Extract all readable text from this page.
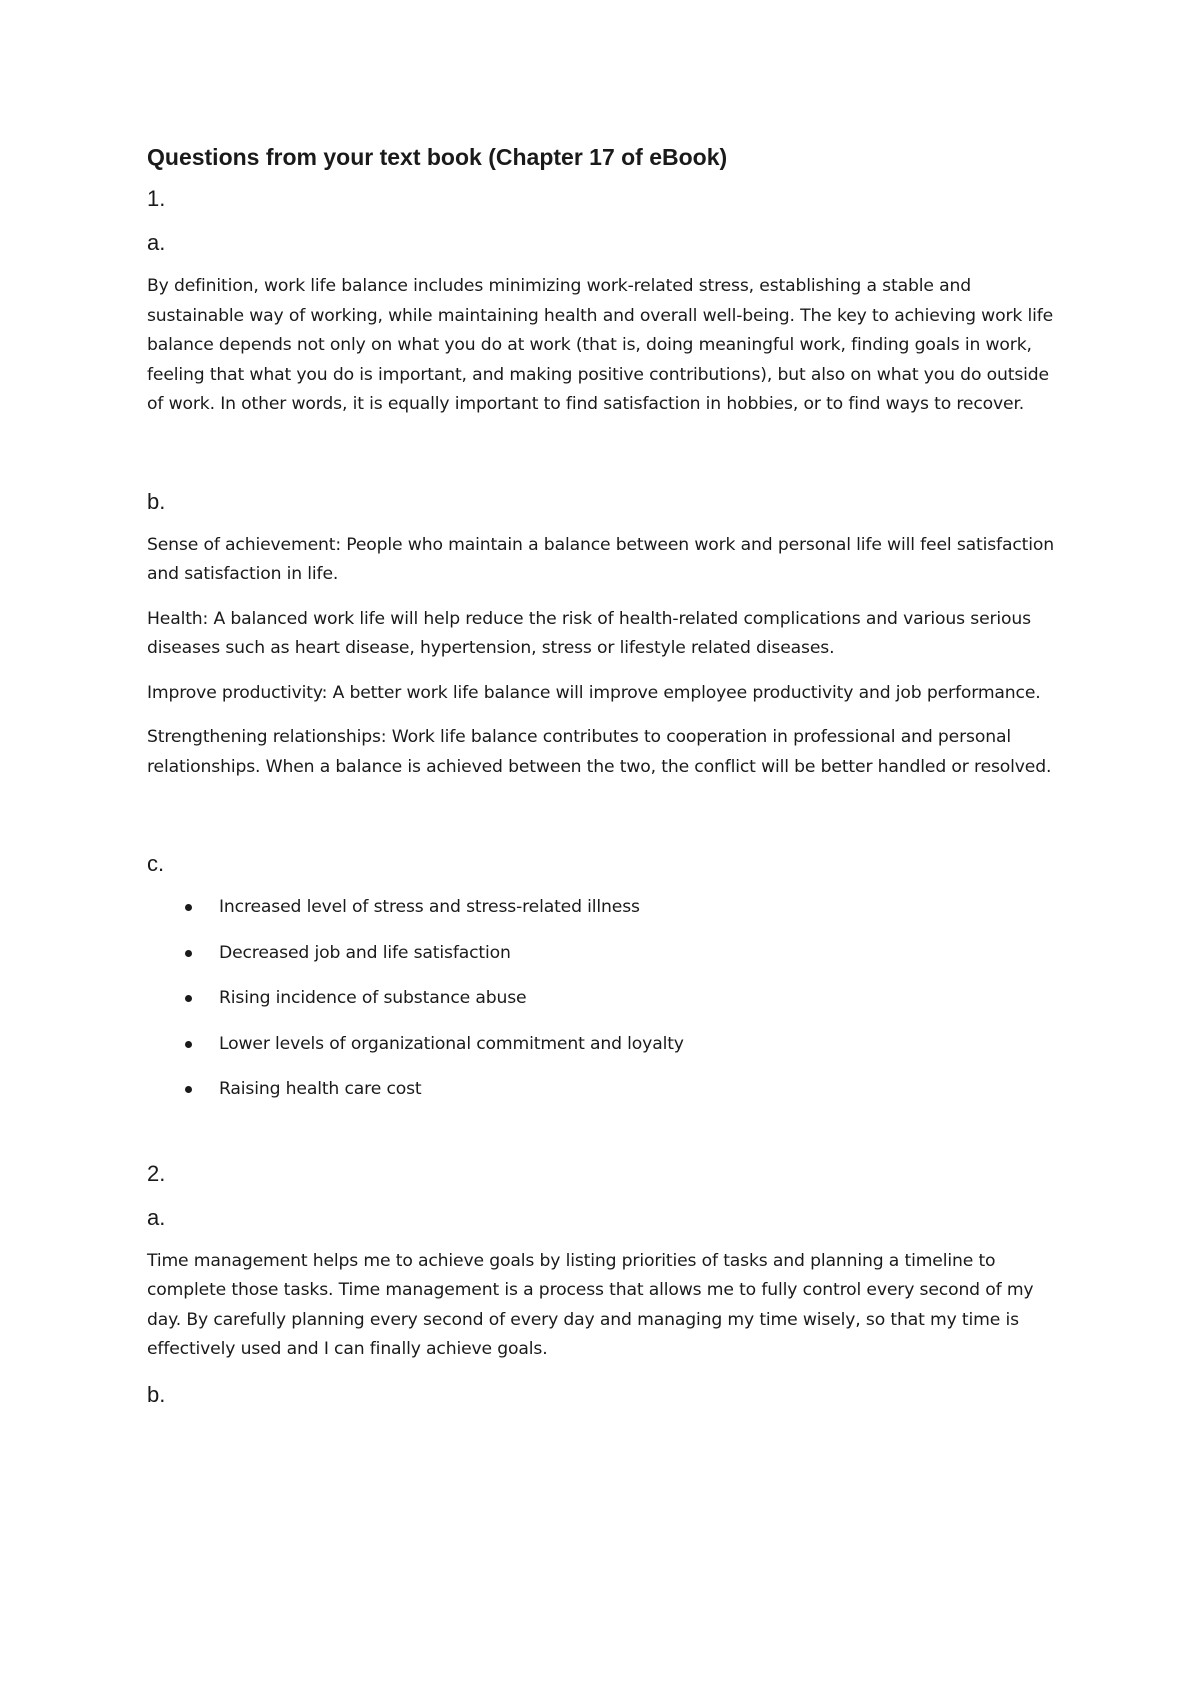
Questions from your text book (Chapter 17 of eBook)
1.
a.

By definition, work life balance includes minimizing work-related stress, establishing a stable and sustainable way of working, while maintaining health and overall well-being. The key to achieving work life balance depends not only on what you do at work (that is, doing meaningful work, finding goals in work, feeling that what you do is important, and making positive contributions), but also on what you do outside of work. In other words, it is equally important to find satisfaction in hobbies, or to find ways to recover.

b.

Sense of achievement: People who maintain a balance between work and personal life will feel satisfaction and satisfaction in life.

Health: A balanced work life will help reduce the risk of health-related complications and various serious diseases such as heart disease, hypertension, stress or lifestyle related diseases.

Improve productivity: A better work life balance will improve employee productivity and job performance.

Strengthening relationships: Work life balance contributes to cooperation in professional and personal relationships. When a balance is achieved between the two, the conflict will be better handled or resolved.

c.
Increased level of stress and stress-related illness
Decreased job and life satisfaction
Rising incidence of substance abuse
Lower levels of organizational commitment and loyalty
Raising health care cost
2.
a.

Time management helps me to achieve goals by listing priorities of tasks and planning a timeline to complete those tasks. Time management is a process that allows me to fully control every second of my day. By carefully planning every second of every day and managing my time wisely, so that my time is effectively used and I can finally achieve goals.

b.
